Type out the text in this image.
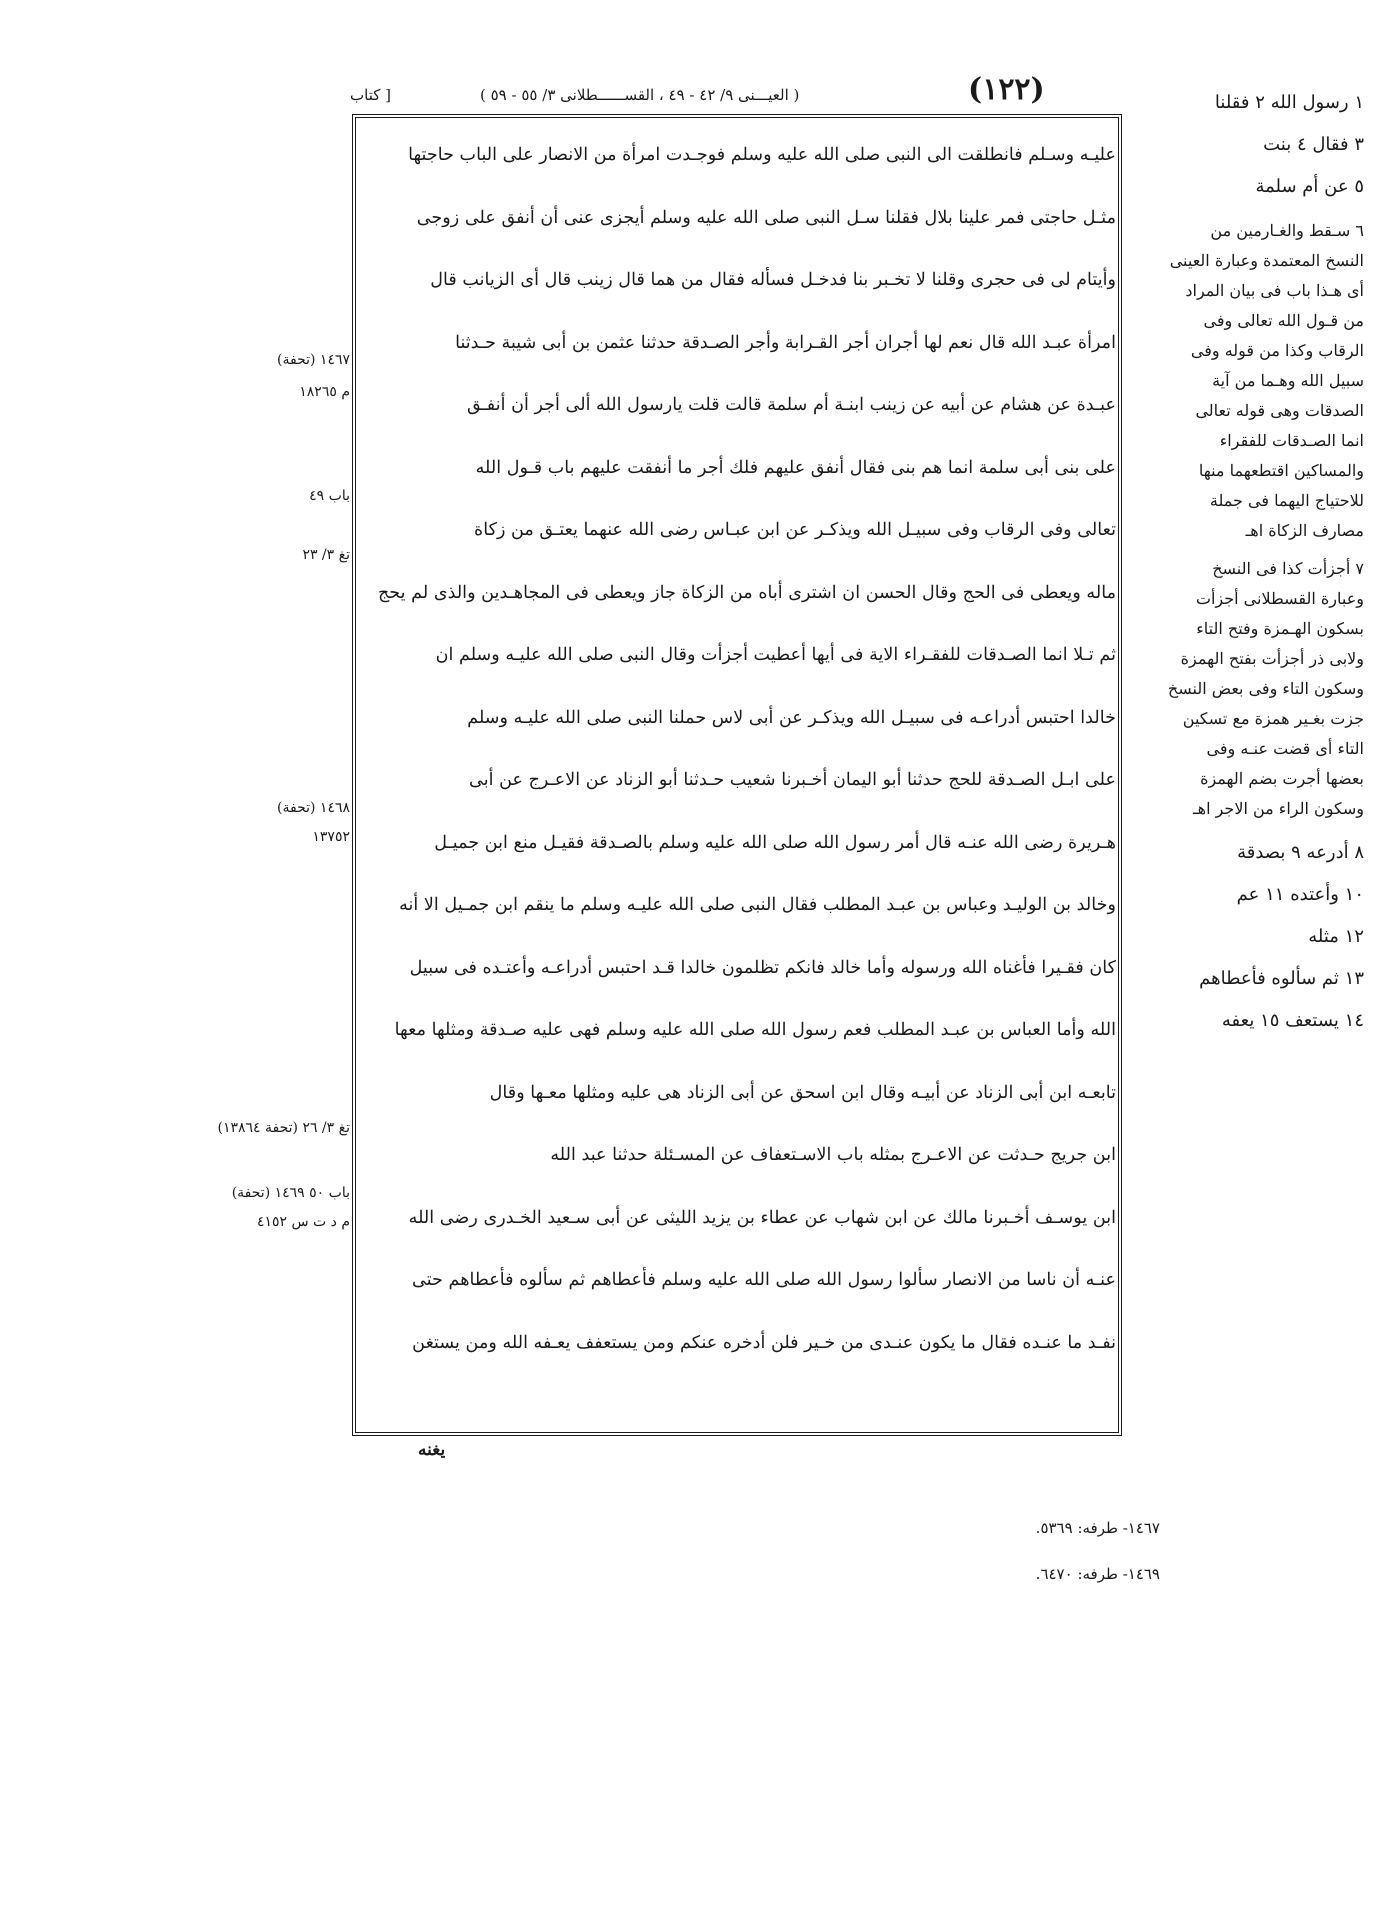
(١٢٢)
( العيـــنى ٩/ ٤٢ - ٤٩ ، القســــــطلانى ٣/ ٥٥ - ٥٩ )
[ كتاب
عليـه وسـلم فانطلقت الى النبى صلى الله عليه وسلم فوجـدت امرأة من الانصار على الباب حاجتها
مثـل حاجتى فمر علينا بلال فقلنا سـل النبى صلى الله عليه وسلم أيجزى عنى أن أنفق على زوجى
وأيتام لى فى حجرى وقلنا لا تخـبر بنا فدخـل فسأله فقال من هما قال زينب قال أى الزيانب قال
امرأة عبـد الله قال نعم لها أجران أجر القـرابة وأجر الصـدقة حدثنا عثمن بن أبى شيبة حـدثنا
عبـدة عن هشام عن أبيه عن زينب ابنـة أم سلمة قالت قلت يارسول الله ألى أجر أن أنفـق
على بنى أبى سلمة انما هم بنى فقال أنفق عليهم فلك أجر ما أنفقت عليهم باب قـول الله
تعالى وفى الرقاب وفى سبيـل الله ويذكـر عن ابن عبـاس رضى الله عنهما يعتـق من زكاة
ماله ويعطى فى الحج وقال الحسن ان اشترى أباه من الزكاة جاز ويعطى فى المجاهـدين والذى لم يحج
ثم تـلا انما الصـدقات للفقـراء الاية فى أيها أعطيت أجزأت وقال النبى صلى الله عليـه وسلم ان
خالدا احتبس أدراعـه فى سبيـل الله ويذكـر عن أبى لاس حملنا النبى صلى الله عليـه وسلم
على ابـل الصـدقة للحج حدثنا أبو اليمان أخـبرنا شعيب حـدثنا أبو الزناد عن الاعـرج عن أبى
هـريرة رضى الله عنـه قال أمر رسول الله صلى الله عليه وسلم بالصـدقة فقيـل منع ابن جميـل
وخالد بن الوليـد وعباس بن عبـد المطلب فقال النبى صلى الله عليـه وسلم ما ينقم ابن جمـيل الا أنه
كان فقـيرا فأغناه الله ورسوله وأما خالد فانكم تظلمون خالدا قـد احتبس أدراعـه وأعتـده فى سبيل
الله وأما العباس بن عبـد المطلب فعم رسول الله صلى الله عليه وسلم فهى عليه صـدقة ومثلها معها
تابعـه ابن أبى الزناد عن أبيـه وقال ابن اسحق عن أبى الزناد هى عليه ومثلها معـها وقال
ابن جريج حـدثت عن الاعـرج بمثله باب الاسـتعفاف عن المسـئلة حدثنا عبد الله
ابن يوسـف أخـبرنا مالك عن ابن شهاب عن عطاء بن يزيد الليثى عن أبى سـعيد الخـدرى رضى الله
عنـه أن ناسا من الانصار سألوا رسول الله صلى الله عليه وسلم فأعطاهم ثم سألوه فأعطاهم حتى
نفـد ما عنـده فقال ما يكون عنـدى من خـير فلن أدخره عنكم ومن يستعفف يعـفه الله ومن يستغن
يغنه
١ رسول الله ٢ فقلنا
٣ فقال ٤ بنت
٥ عن أم سلمة
٦ سـقط والغـارمين من
النسخ المعتمدة وعبارة العينى
أى هـذا باب فى بيان المراد
من قـول الله تعالى وفى
الرقاب وكذا من قوله وفى
سبيل الله وهـما من آية
الصدقات وهى قوله تعالى
انما الصـدقات للفقراء
والمساكين اقتطعهما منها
للاحتياج اليهما فى جملة
مصارف الزكاة اهـ
٧ أجزأت كذا فى النسخ
وعبارة القسطلانى أجزأت
بسكون الهـمزة وفتح التاء
ولابى ذر أجزأت بفتح الهمزة
وسكون التاء وفى بعض النسخ
جزت بغـير همزة مع تسكين
التاء أى قضت عنـه وفى
بعضها أجرت بضم الهمزة
وسكون الراء من الاجر اهـ
٨ أدرعه ٩ بصدقة
١٠ وأعتده ١١ عم
١٢ مثله
١٣ ثم سألوه فأعطاهم
١٤ يستعف ١٥ يعفه
١٤٦٧ (تحفة)
م ١٨٢٦٥
باب ٤٩
تغ ٣/ ٢٣
١٤٦٨ (تحفة)
١٣٧٥٢
تغ ٣/ ٢٦ (تحفة ١٣٨٦٤)
باب ٥٠ ١٤٦٩ (تحفة)
م د ت س ٤١٥٢
١٤٦٧- طرفه: ٥٣٦٩.
١٤٦٩- طرفه: ٦٤٧٠.
